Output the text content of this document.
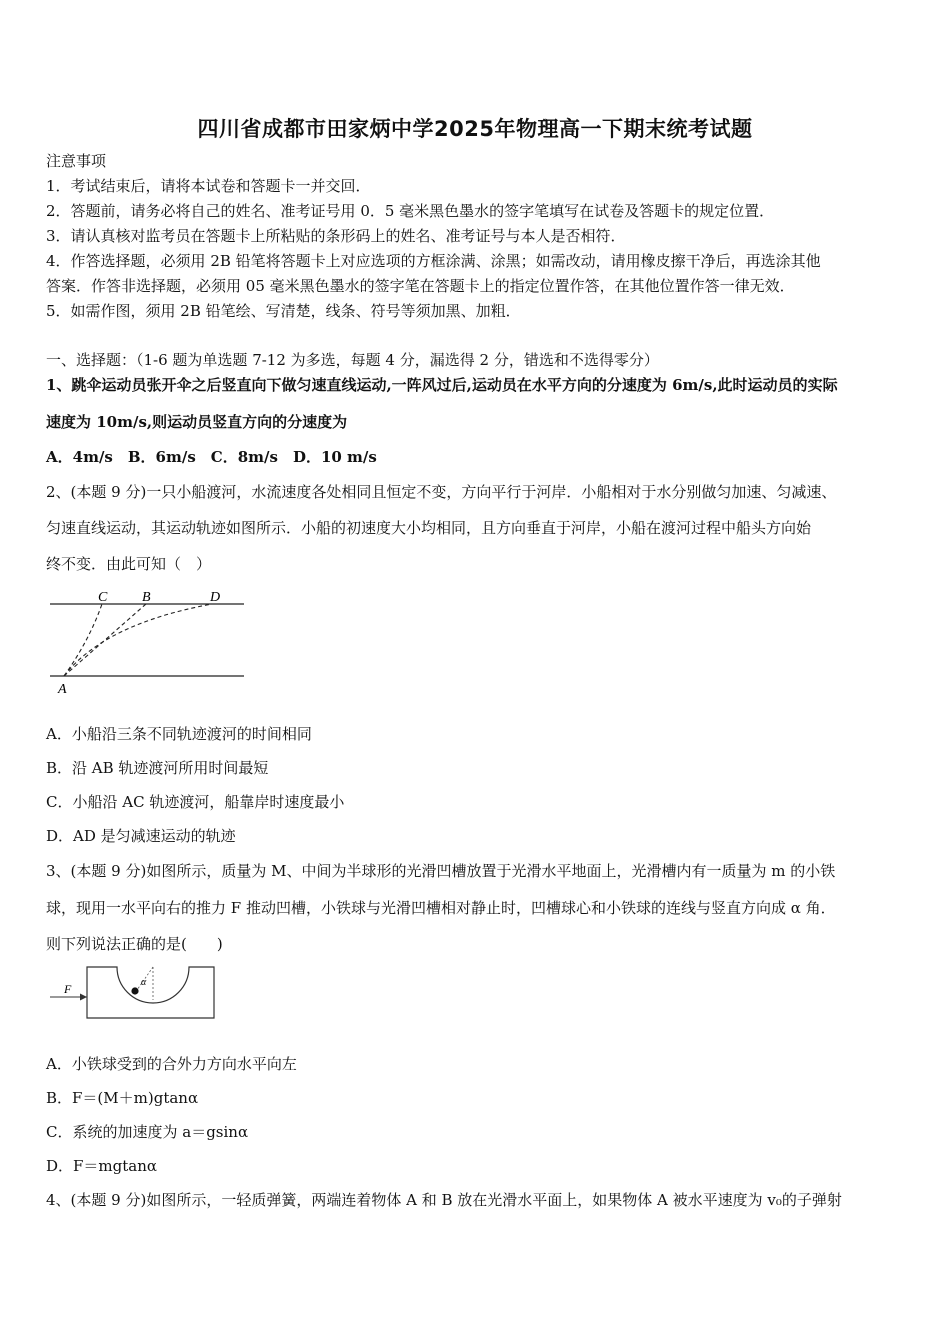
四川省成都市田家炳中学2025年物理高一下期末统考试题
注意事项
1．考试结束后，请将本试卷和答题卡一并交回．
2．答题前，请务必将自己的姓名、准考证号用 0．5 毫米黑色墨水的签字笔填写在试卷及答题卡的规定位置．
3．请认真核对监考员在答题卡上所粘贴的条形码上的姓名、准考证号与本人是否相符．
4．作答选择题，必须用 2B 铅笔将答题卡上对应选项的方框涂满、涂黑；如需改动，请用橡皮擦干净后，再选涂其他
答案．作答非选择题，必须用 05 毫米黑色墨水的签字笔在答题卡上的指定位置作答，在其他位置作答一律无效．
5．如需作图，须用 2B 铅笔绘、写清楚，线条、符号等须加黑、加粗．
一、选择题：（1-6 题为单选题 7-12 为多选，每题 4 分，漏选得 2 分，错选和不选得零分）
1、跳伞运动员张开伞之后竖直向下做匀速直线运动,一阵风过后,运动员在水平方向的分速度为 6m/s,此时运动员的实际
速度为 10m/s,则运动员竖直方向的分速度为
A．4m/s　B．6m/s　C．8m/s　D．10 m/s
2、(本题 9 分)一只小船渡河，水流速度各处相同且恒定不变，方向平行于河岸．小船相对于水分别做匀加速、匀减速、
匀速直线运动，其运动轨迹如图所示．小船的初速度大小均相同，且方向垂直于河岸，小船在渡河过程中船头方向始
终不变．由此可知（　）
C B	D
A
A．小船沿三条不同轨迹渡河的时间相同
B．沿 AB 轨迹渡河所用时间最短
C．小船沿 AC 轨迹渡河，船靠岸时速度最小
D．AD 是匀减速运动的轨迹
3、(本题 9 分)如图所示，质量为 M、中间为半球形的光滑凹槽放置于光滑水平地面上，光滑槽内有一质量为 m 的小铁
球，现用一水平向右的推力 F 推动凹槽，小铁球与光滑凹槽相对静止时，凹槽球心和小铁球的连线与竖直方向成 α 角．
则下列说法正确的是(　　)
F	α
A．小铁球受到的合外力方向水平向左
B．F＝(M＋m)gtanα
C．系统的加速度为 a＝gsinα
D．F＝mgtanα
4、(本题 9 分)如图所示，一轻质弹簧，两端连着物体 A 和 B 放在光滑水平面上，如果物体 A 被水平速度为 v₀的子弹射
